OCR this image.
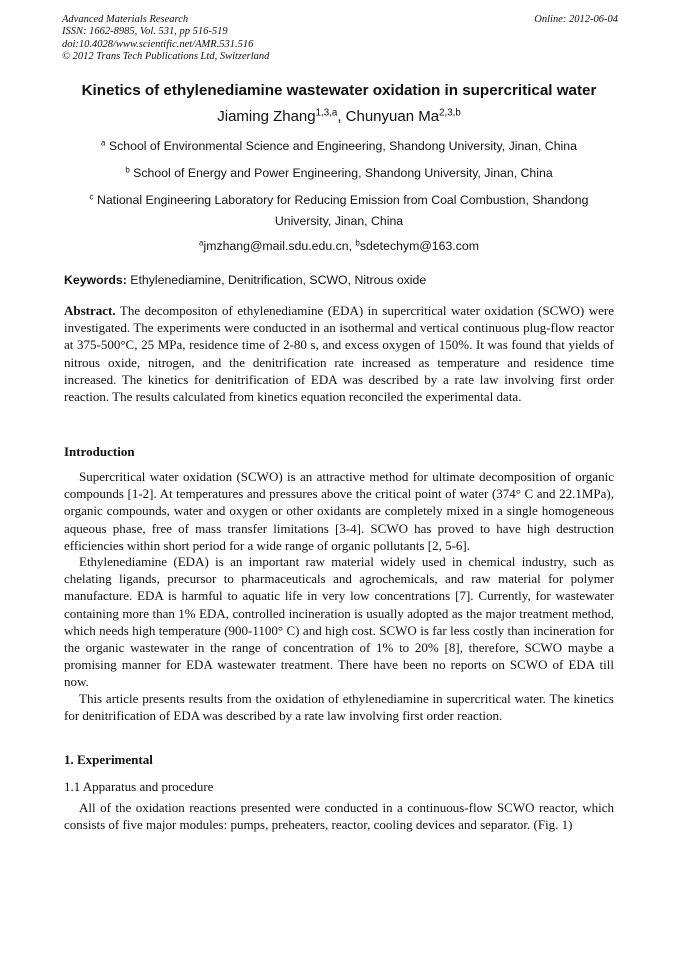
Advanced Materials Research
ISSN: 1662-8985, Vol. 531, pp 516-519
doi:10.4028/www.scientific.net/AMR.531.516
© 2012 Trans Tech Publications Ltd, Switzerland
Online: 2012-06-04
Kinetics of ethylenediamine wastewater oxidation in supercritical water
Jiaming Zhang$^{1,3,a}$, Chunyuan Ma$^{2,3,b}$
$^a$ School of Environmental Science and Engineering, Shandong University, Jinan, China
$^b$ School of Energy and Power Engineering, Shandong University, Jinan, China
$^c$ National Engineering Laboratory for Reducing Emission from Coal Combustion, Shandong University, Jinan, China
$^a$jmzhang@mail.sdu.edu.cn, $^b$sdetechym@163.com
Keywords: Ethylenediamine, Denitrification, SCWO, Nitrous oxide
Abstract. The decompositon of ethylenediamine (EDA) in supercritical water oxidation (SCWO) were investigated. The experiments were conducted in an isothermal and vertical continuous plug-flow reactor at 375-500°C, 25 MPa, residence time of 2-80 s, and excess oxygen of 150%. It was found that yields of nitrous oxide, nitrogen, and the denitrification rate increased as temperature and residence time increased. The kinetics for denitrification of EDA was described by a rate law involving first order reaction. The results calculated from kinetics equation reconciled the experimental data.
Introduction
Supercritical water oxidation (SCWO) is an attractive method for ultimate decomposition of organic compounds [1-2]. At temperatures and pressures above the critical point of water (374° C and 22.1MPa), organic compounds, water and oxygen or other oxidants are completely mixed in a single homogeneous aqueous phase, free of mass transfer limitations [3-4]. SCWO has proved to have high destruction efficiencies within short period for a wide range of organic pollutants [2, 5-6].
Ethylenediamine (EDA) is an important raw material widely used in chemical industry, such as chelating ligands, precursor to pharmaceuticals and agrochemicals, and raw material for polymer manufacture. EDA is harmful to aquatic life in very low concentrations [7]. Currently, for wastewater containing more than 1% EDA, controlled incineration is usually adopted as the major treatment method, which needs high temperature (900-1100° C) and high cost. SCWO is far less costly than incineration for the organic wastewater in the range of concentration of 1% to 20% [8], therefore, SCWO maybe a promising manner for EDA wastewater treatment. There have been no reports on SCWO of EDA till now.
This article presents results from the oxidation of ethylenediamine in supercritical water. The kinetics for denitrification of EDA was described by a rate law involving first order reaction.
1. Experimental
1.1 Apparatus and procedure
All of the oxidation reactions presented were conducted in a continuous-flow SCWO reactor, which consists of five major modules: pumps, preheaters, reactor, cooling devices and separator. (Fig. 1)
